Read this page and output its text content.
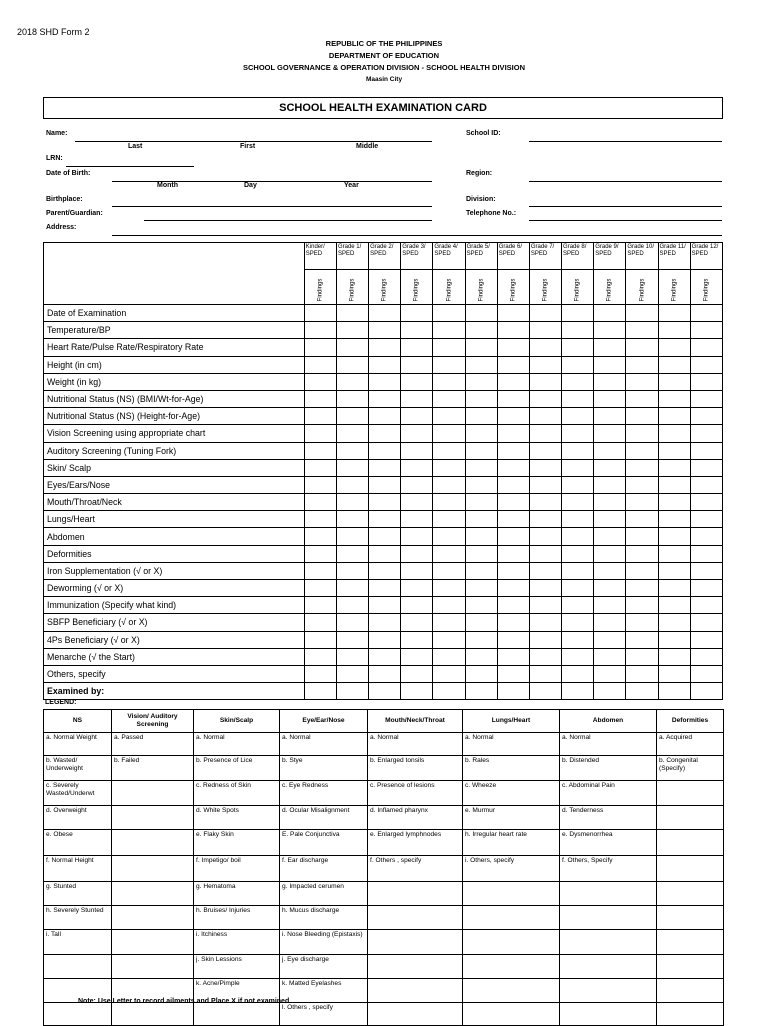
2018 SHD Form 2
REPUBLIC OF THE PHILIPPINES
DEPARTMENT OF EDUCATION
SCHOOL GOVERNANCE & OPERATION DIVISION - SCHOOL HEALTH DIVISION
Maasin City
SCHOOL HEALTH EXAMINATION CARD
Name:
Last	First	Middle
LRN:
Date of Birth:
Month	Day	Year
Birthplace:
Parent/Guardian:
Address:
School ID:
Region:
Division:
Telephone No.:
	Kinder/ SPED	Grade 1/ SPED	Grade 2/ SPED	Grade 3/ SPED	Grade 4/ SPED	Grade 5/ SPED	Grade 6/ SPED	Grade 7/ SPED	Grade 8/ SPED	Grade 9/ SPED	Grade 10/ SPED	Grade 11/ SPED	Grade 12/ SPED
	Findings	Findings	Findings	Findings	Findings	Findings	Findings	Findings	Findings	Findings	Findings	Findings	Findings
Date of Examination													
Temperature/BP													
Heart Rate/Pulse Rate/Respiratory Rate													
Height (in cm)													
Weight (in kg)													
Nutritional Status (NS) (BMI/Wt-for-Age)													
Nutritional Status (NS) (Height-for-Age)													
Vision Screening using appropriate chart													
Auditory Screening (Tuning Fork)													
Skin/ Scalp													
Eyes/Ears/Nose													
Mouth/Throat/Neck													
Lungs/Heart													
Abdomen													
Deformities													
Iron Supplementation (√ or X)													
Deworming (√ or X)													
Immunization (Specify what kind)													
SBFP Beneficiary (√ or X)													
4Ps Beneficiary (√ or X)													
Menarche (√ the Start)													
Others, specify													
Examined by:													
LEGEND:
NS	Vision/ Auditory Screening	Skin/Scalp	Eye/Ear/Nose	Mouth/Neck/Throat	Lungs/Heart	Abdomen	Deformities
a. Normal Weight	a. Passed	a. Normal	a. Normal	a. Normal	a. Normal	a. Normal	a. Acquired
b. Wasted/ Underweight	b. Failed	b. Presence of Lice	b. Stye	b. Enlarged tonsils	b. Rales	b. Distended	b. Congenital (Specify)
c. Severely Wasted/Underwt		c. Redness of Skin	c. Eye Redness	c. Presence of lesions	c. Wheeze	c. Abdominal Pain	
d. Overweight		d. White Spots	d. Ocular Misalignment	d. Inflamed pharynx	e. Murmur	d. Tenderness	
e. Obese		e. Flaky Skin	E. Pale Conjunctiva	e. Enlarged lymphnodes	h. Irregular heart rate	e. Dysmenorrhea	
f. Normal Height		f. Impetigo/ boil	f. Ear discharge	f. Others , specify	i. Others, specify	f. Others, Specify	
g. Stunted		g. Hematoma	g. Impacted cerumen				
h. Severely Stunted		h. Bruises/ Injuries	h. Mucus discharge				
i. Tall		i. Itchiness	i. Nose Bleeding (Epistaxis)				
		j. Skin Lessions	j. Eye discharge				
		k. Acne/Pimple	k. Matted Eyelashes				
			l. Others , specify				
Note: Use Letter to record ailments and Place X if not examined
